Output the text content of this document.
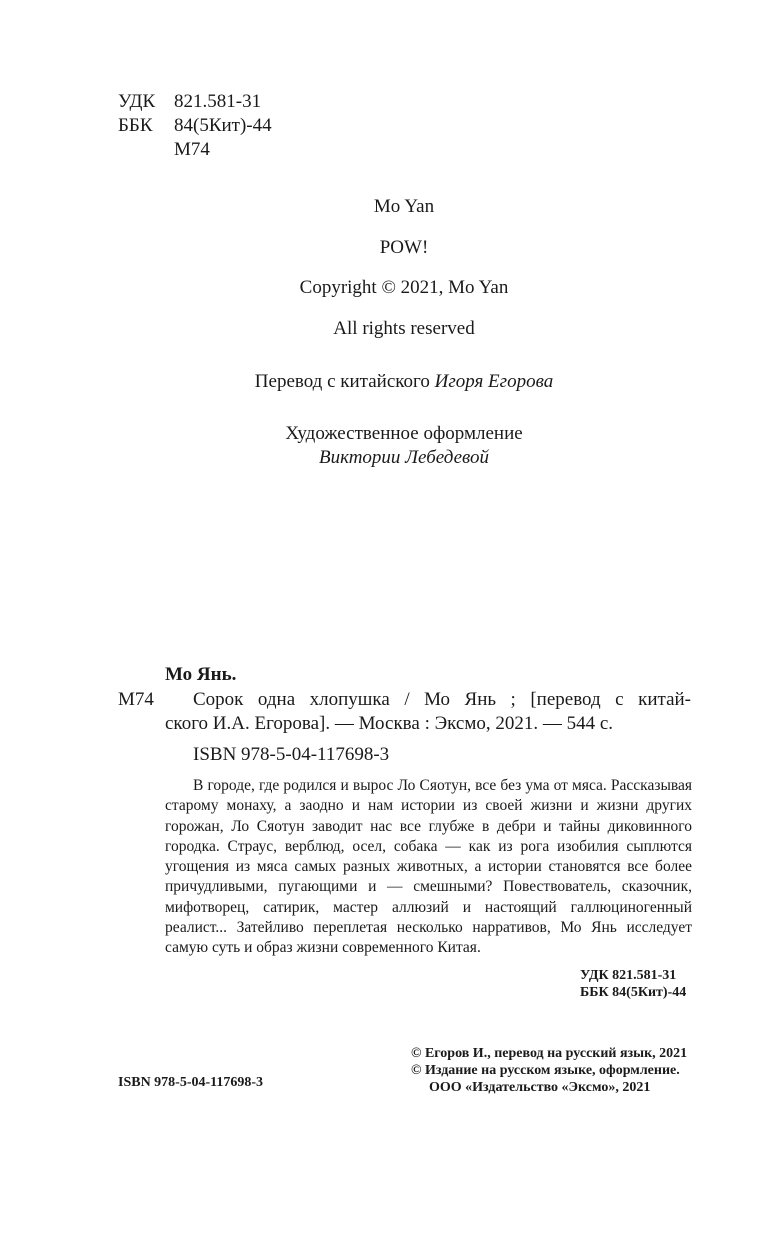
УДК 821.581-31
ББК 84(5Кит)-44
М74
Mo Yan
POW!
Copyright © 2021, Mo Yan
All rights reserved
Перевод с китайского Игоря Егорова
Художественное оформление
Виктории Лебедевой
Мо Янь.
М74 Сорок одна хлопушка / Мо Янь ; [перевод с китай-
ского И.А. Егорова]. — Москва : Эксмо, 2021. — 544 с.
ISBN 978-5-04-117698-3

В городе, где родился и вырос Ло Сяотун, все без ума от мяса. Рассказывая старому монаху, а заодно и нам истории из своей жизни и жизни других горожан, Ло Сяотун заводит нас все глубже в дебри и тайны диковинного городка. Страус, верблюд, осел, собака — как из рога изобилия сыплются угощения из мяса самых разных животных, а истории становятся все более причудливыми, пугающими и — смешными? Повествователь, сказочник, мифотворец, сатирик, мастер аллюзий и настоящий галлюциногенный реалист... Затейливо переплетая несколько нарративов, Мо Янь исследует самую суть и образ жизни современного Китая.

УДК 821.581-31
ББК 84(5Кит)-44
ISBN 978-5-04-117698-3
© Егоров И., перевод на русский язык, 2021
© Издание на русском языке, оформление.
ООО «Издательство «Эксмо», 2021
